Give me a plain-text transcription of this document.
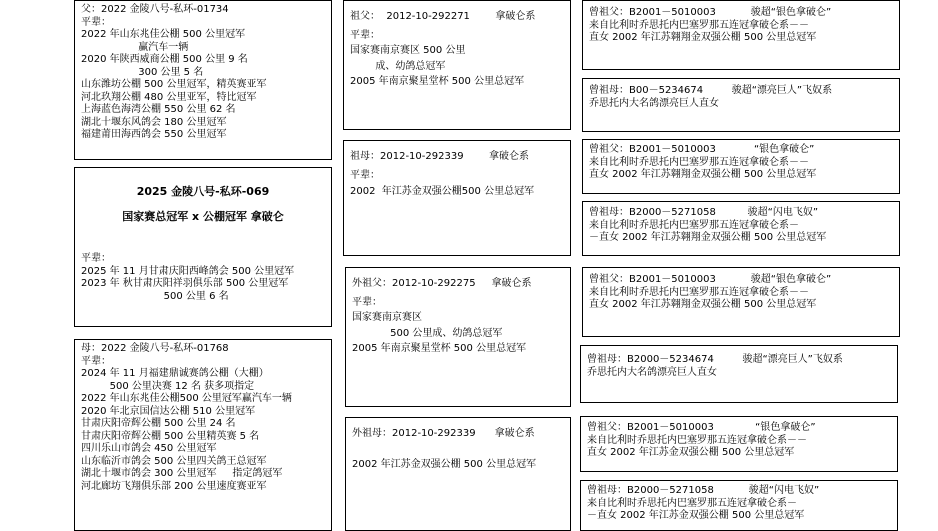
父：2022 金陵八号-私环-01734
平辈：
2022 年山东兆佳公棚 500 公里冠军
赢汽车一辆
2020 年陕西威商公棚 500 公里 9 名
300 公里 5 名
山东潍坊公棚 500 公里冠军，精英赛亚军
河北玖翔公棚 480 公里亚军，特比冠军
上海蓝色海湾公棚 550 公里 62 名
湖北十堰东风鸽会 180 公里冠军
福建莆田海西鸽会 550 公里冠军
2025 金陵八号-私环-069
国家赛总冠军 x 公棚冠军 拿破仑
平辈：
2025 年 11 月甘肃庆阳西峰鸽会 500 公里冠军
2023 年 秋甘肃庆阳祥羽俱乐部 500 公里冠军
500 公里 6 名
母：2022 金陵八号-私环-01768
平辈：
2024 年 11 月福建鼎诚赛鸽公棚（大棚）
500 公里决赛 12 名 获多项指定
2022 年山东兆佳公棚500 公里冠军赢汽车一辆
2020 年北京国信达公棚 510 公里冠军
甘肃庆阳帝辉公棚 500 公里 24 名
甘肃庆阳帝辉公棚 500 公里精英赛 5 名
四川乐山市鸽会 450 公里冠军
山东临沂市鸽会 500 公里四关鸽王总冠军
湖北十堰市鸽会 300 公里冠军     指定鸽冠军
河北廊坊飞翔俱乐部 200 公里速度赛亚军
祖父：  2012-10-292271        拿破仑系
平辈：
国家赛南京赛区 500 公里
成、幼鸽总冠军
2005 年南京聚星堂杯 500 公里总冠军
祖母：2012-10-292339        拿破仑系
平辈：
2002  年江苏金双强公棚500 公里总冠军
外祖父：2012-10-292275     拿破仑系
平辈：
国家赛南京赛区
500 公里成、幼鸽总冠军
2005 年南京聚星堂杯 500 公里总冠军
外祖母：2012-10-292339      拿破仑系
2002 年江苏金双强公棚 500 公里总冠军
曾祖父：B2001－5010003           骏超“银色拿破仑”
来自比利时乔思托内巴塞罗那五连冠拿破仑系－－
直女 2002 年江苏翱翔金双强公棚 500 公里总冠军
曾祖母：B00－5234674         骏超“漂亮巨人”飞奴系
乔思托内大名鸽漂亮巨人直女
曾祖父：B2001－5010003            “银色拿破仑”
来自比利时乔思托内巴塞罗那五连冠拿破仑系－－
直女 2002 年江苏翱翔金双强公棚 500 公里总冠军
曾祖母：B2000－5271058          骏超“闪电飞奴”
来自比利时乔思托内巴塞罗那五连冠拿破仑系－
－直女 2002 年江苏翱翔金双强公棚 500 公里总冠军
曾祖父：B2001－5010003           骏超“银色拿破仑”
来自比利时乔思托内巴塞罗那五连冠拿破仑系－－
直女 2002 年江苏翱翔金双强公棚 500 公里总冠军
曾祖母：B2000－5234674         骏超“漂亮巨人”飞奴系
乔思托内大名鸽漂亮巨人直女
曾祖父：B2001－5010003             “银色拿破仑”
来自比利时乔思托内巴塞罗那五连冠拿破仑系－－
直女 2002 年江苏金双强公棚 500 公里总冠军
曾祖母：B2000－5271058           骏超“闪电飞奴”
来自比利时乔思托内巴塞罗那五连冠拿破仑系－
－直女 2002 年江苏金双强公棚 500 公里总冠军
